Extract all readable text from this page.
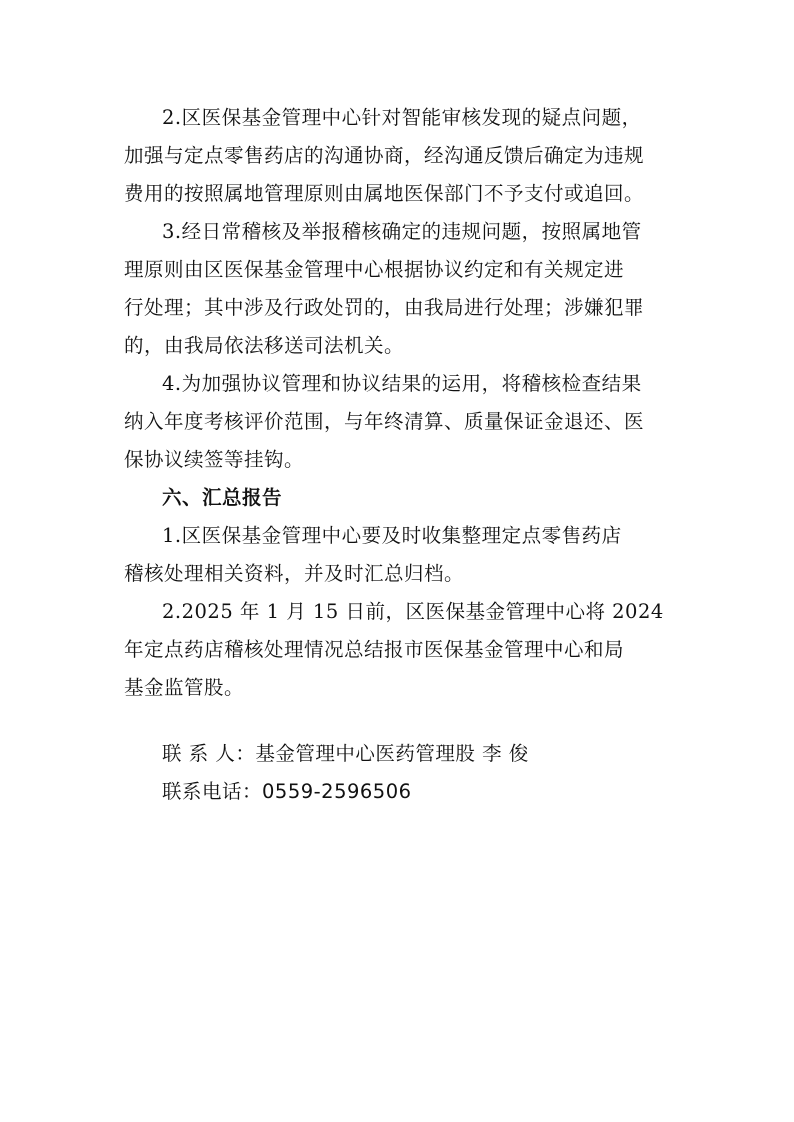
2.区医保基金管理中心针对智能审核发现的疑点问题，
加强与定点零售药店的沟通协商，经沟通反馈后确定为违规
费用的按照属地管理原则由属地医保部门不予支付或追回。
3.经日常稽核及举报稽核确定的违规问题，按照属地管
理原则由区医保基金管理中心根据协议约定和有关规定进
行处理；其中涉及行政处罚的，由我局进行处理；涉嫌犯罪
的，由我局依法移送司法机关。
4.为加强协议管理和协议结果的运用，将稽核检查结果
纳入年度考核评价范围，与年终清算、质量保证金退还、医
保协议续签等挂钩。
六、汇总报告
1.区医保基金管理中心要及时收集整理定点零售药店
稽核处理相关资料，并及时汇总归档。
2.2025 年 1 月 15 日前，区医保基金管理中心将 2024
年定点药店稽核处理情况总结报市医保基金管理中心和局
基金监管股。
联 系 人：基金管理中心医药管理股 李 俊
联系电话：0559-2596506
